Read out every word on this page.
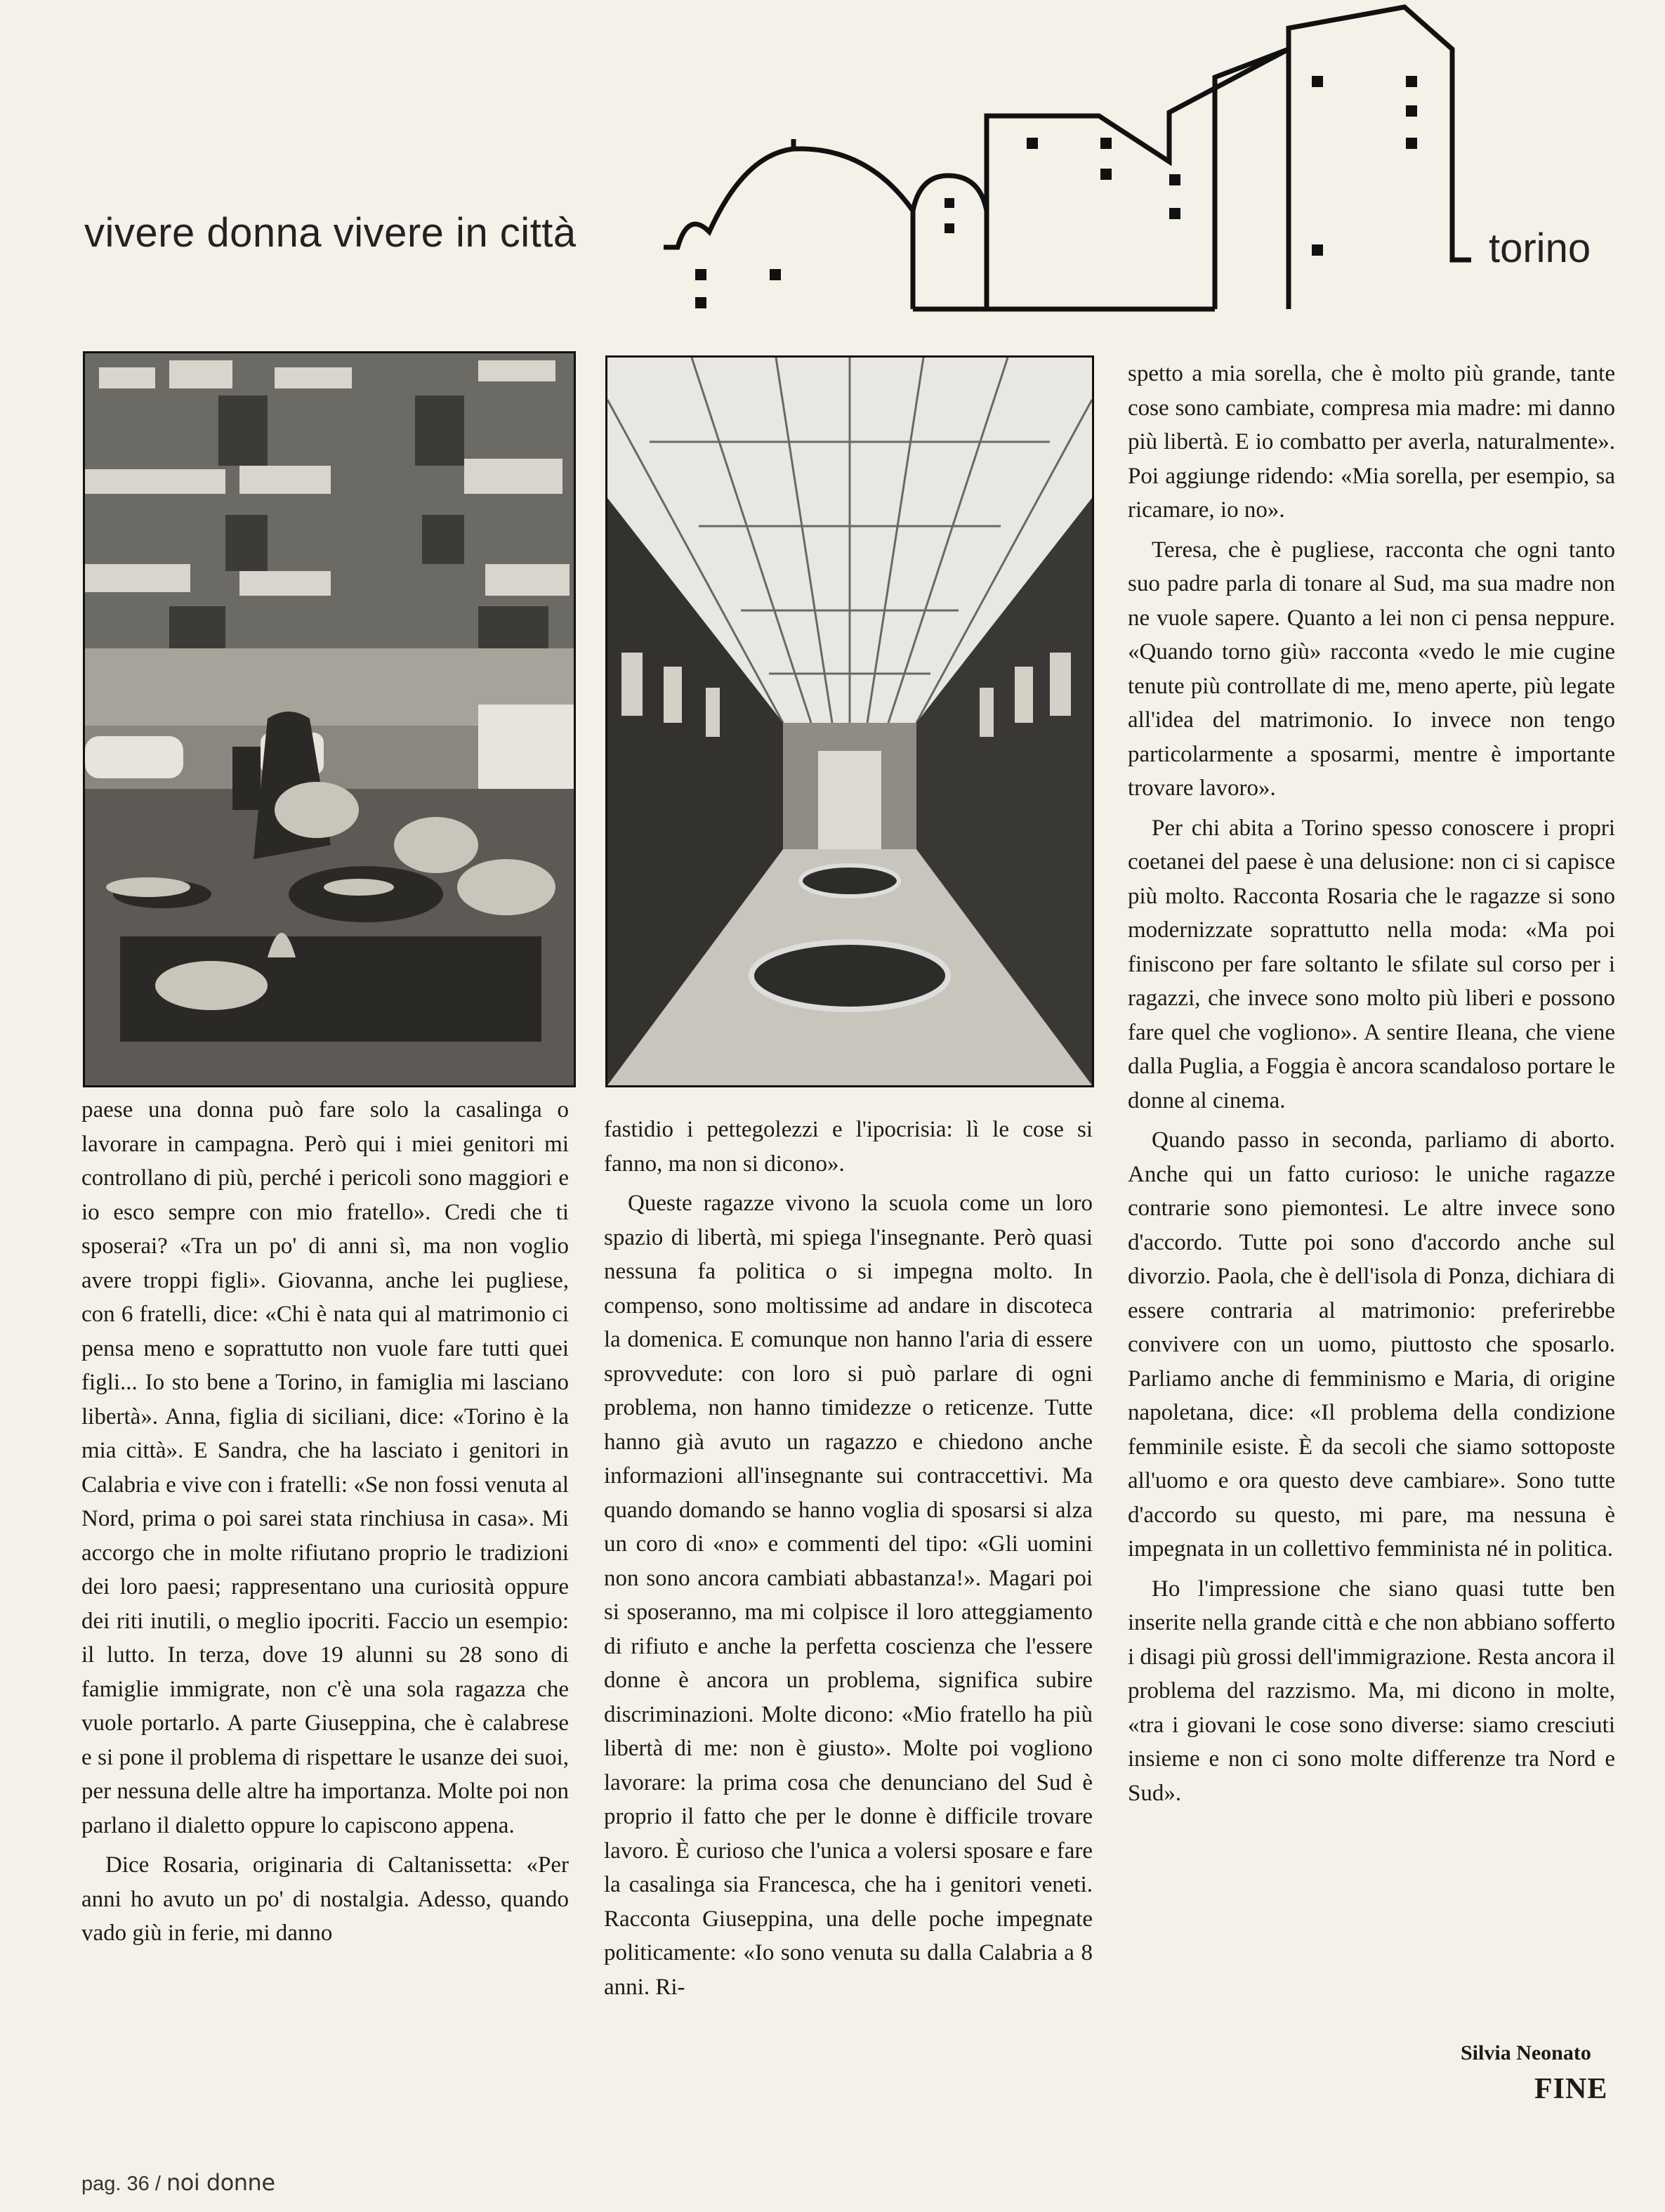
vivere donna vivere in città	torino

paese una donna può fare solo la casalinga o lavorare in campagna. Però qui i miei genitori mi controllano di più, perché i pericoli sono maggiori e io esco sempre con mio fratello». Credi che ti sposerai? «Tra un po' di anni sì, ma non voglio avere troppi figli». Giovanna, anche lei pugliese, con 6 fratelli, dice: «Chi è nata qui al matrimonio ci pensa meno e soprattutto non vuole fare tutti quei figli... Io sto bene a Torino, in famiglia mi lasciano libertà». Anna, figlia di siciliani, dice: «Torino è la mia città». E Sandra, che ha lasciato i genitori in Calabria e vive con i fratelli: «Se non fossi venuta al Nord, prima o poi sarei stata rinchiusa in casa». Mi accorgo che in molte rifiutano proprio le tradizioni dei loro paesi; rappresentano una curiosità oppure dei riti inutili, o meglio ipocriti. Faccio un esempio: il lutto. In terza, dove 19 alunni su 28 sono di famiglie immigrate, non c'è una sola ragazza che vuole portarlo. A parte Giuseppina, che è calabrese e si pone il problema di rispettare le usanze dei suoi, per nessuna delle altre ha importanza. Molte poi non parlano il dialetto oppure lo capiscono appena.

Dice Rosaria, originaria di Caltanissetta: «Per anni ho avuto un po' di nostalgia. Adesso, quando vado giù in ferie, mi danno

fastidio i pettegolezzi e l'ipocrisia: lì le cose si fanno, ma non si dicono».

Queste ragazze vivono la scuola come un loro spazio di libertà, mi spiega l'insegnante. Però quasi nessuna fa politica o si impegna molto. In compenso, sono moltissime ad andare in discoteca la domenica. E comunque non hanno l'aria di essere sprovvedute: con loro si può parlare di ogni problema, non hanno timidezze o reticenze. Tutte hanno già avuto un ragazzo e chiedono anche informazioni all'insegnante sui contraccettivi. Ma quando domando se hanno voglia di sposarsi si alza un coro di «no» e commenti del tipo: «Gli uomini non sono ancora cambiati abbastanza!». Magari poi si sposeranno, ma mi colpisce il loro atteggiamento di rifiuto e anche la perfetta coscienza che l'essere donne è ancora un problema, significa subire discriminazioni. Molte dicono: «Mio fratello ha più libertà di me: non è giusto». Molte poi vogliono lavorare: la prima cosa che denunciano del Sud è proprio il fatto che per le donne è difficile trovare lavoro. È curioso che l'unica a volersi sposare e fare la casalinga sia Francesca, che ha i genitori veneti. Racconta Giuseppina, una delle poche impegnate politicamente: «Io sono venuta su dalla Calabria a 8 anni. Ri-

spetto a mia sorella, che è molto più grande, tante cose sono cambiate, compresa mia madre: mi danno più libertà. E io combatto per averla, naturalmente». Poi aggiunge ridendo: «Mia sorella, per esempio, sa ricamare, io no».

Teresa, che è pugliese, racconta che ogni tanto suo padre parla di tonare al Sud, ma sua madre non ne vuole sapere. Quanto a lei non ci pensa neppure. «Quando torno giù» racconta «vedo le mie cugine tenute più controllate di me, meno aperte, più legate all'idea del matrimonio. Io invece non tengo particolarmente a sposarmi, mentre è importante trovare lavoro».

Per chi abita a Torino spesso conoscere i propri coetanei del paese è una delusione: non ci si capisce più molto. Racconta Rosaria che le ragazze si sono modernizzate soprattutto nella moda: «Ma poi finiscono per fare soltanto le sfilate sul corso per i ragazzi, che invece sono molto più liberi e possono fare quel che vogliono». A sentire Ileana, che viene dalla Puglia, a Foggia è ancora scandaloso portare le donne al cinema.

Quando passo in seconda, parliamo di aborto. Anche qui un fatto curioso: le uniche ragazze contrarie sono piemontesi. Le altre invece sono d'accordo. Tutte poi sono d'accordo anche sul divorzio. Paola, che è dell'isola di Ponza, dichiara di essere contraria al matrimonio: preferirebbe convivere con un uomo, piuttosto che sposarlo. Parliamo anche di femminismo e Maria, di origine napoletana, dice: «Il problema della condizione femminile esiste. È da secoli che siamo sottoposte all'uomo e ora questo deve cambiare». Sono tutte d'accordo su questo, mi pare, ma nessuna è impegnata in un collettivo femminista né in politica.

Ho l'impressione che siano quasi tutte ben inserite nella grande città e che non abbiano sofferto i disagi più grossi dell'immigrazione. Resta ancora il problema del razzismo. Ma, mi dicono in molte, «tra i giovani le cose sono diverse: siamo cresciuti insieme e non ci sono molte differenze tra Nord e Sud».

Silvia Neonato
FINE
pag. 36 / noi donne
